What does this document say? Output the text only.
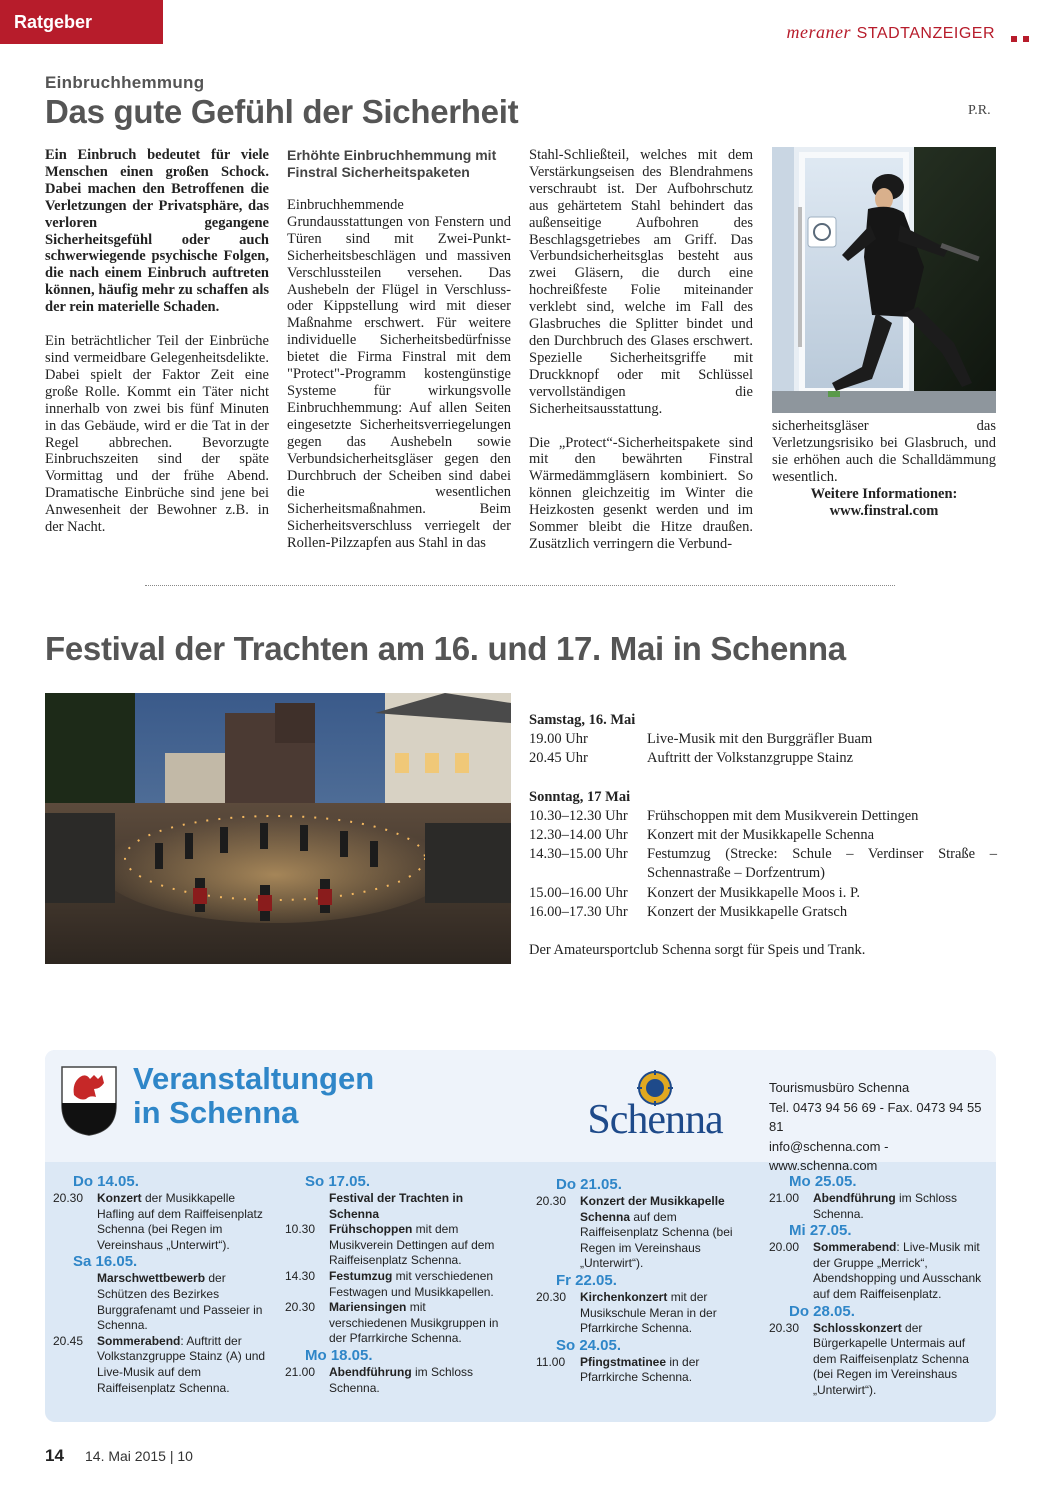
Ratgeber	meraner STADTANZEIGER
Einbruchhemmung
Das gute Gefühl der Sicherheit	P.R.

Ein Einbruch bedeutet für viele Menschen einen großen Schock. Dabei machen den Betroffenen die Verletzungen der Privatsphäre, das verloren gegangene Sicherheitsgefühl oder auch schwerwiegende psychische Folgen, die nach einem Einbruch auftreten können, häufig mehr zu schaffen als der rein materielle Schaden.

Ein beträchtlicher Teil der Einbrüche sind vermeidbare Gelegenheitsdelikte. Dabei spielt der Faktor Zeit eine große Rolle. Kommt ein Täter nicht innerhalb von zwei bis fünf Minuten in das Gebäude, wird er die Tat in der Regel abbrechen. Bevorzugte Einbruchszeiten sind der späte Vormittag und der frühe Abend. Dramatische Einbrüche sind jene bei Anwesenheit der Bewohner z.B. in der Nacht.

Erhöhte Einbruchhemmung mit Finstral Sicherheitspaketen

Einbruchhemmende Grundausstattungen von Fenstern und Türen sind mit Zwei-Punkt-Sicherheitsbeschlägen und massiven Verschlussteilen versehen. Das Aushebeln der Flügel in Verschluss- oder Kippstellung wird mit dieser Maßnahme erschwert. Für weitere individuelle Sicherheitsbedürfnisse bietet die Firma Finstral mit dem "Protect"-Programm kostengünstige Systeme für wirkungsvolle Einbruchhemmung: Auf allen Seiten eingesetzte Sicherheitsverriegelungen gegen das Aushebeln sowie Verbundsicherheitsgläser gegen den Durchbruch der Scheiben sind dabei die wesentlichen Sicherheitsmaßnahmen. Beim Sicherheitsverschluss verriegelt der Rollen-Pilzzapfen aus Stahl in das

Stahl-Schließteil, welches mit dem Verstärkungseisen des Blendrahmens verschraubt ist. Der Aufbohrschutz aus gehärtetem Stahl behindert das außenseitige Aufbohren des Beschlagsgetriebes am Griff. Das Verbundsicherheitsglas besteht aus zwei Gläsern, die durch eine hochreißfeste Folie miteinander verklebt sind, welche im Fall des Glasbruches die Splitter bindet und den Durchbruch des Glases erschwert. Spezielle Sicherheitsgriffe mit Druckknopf oder mit Schlüssel vervollständigen die Sicherheitsausstattung.

Die „Protect“-Sicherheitspakete sind mit den bewährten Finstral Wärmedämmgläsern kombiniert. So können gleichzeitig im Winter die Heizkosten gesenkt werden und im Sommer bleibt die Hitze draußen. Zusätzlich verringern die Verbund-

sicherheitsgläser das Verletzungsrisiko bei Glasbruch, und sie erhöhen auch die Schalldämmung wesentlich.

Weitere Informationen:

www.finstral.com

Festival der Trachten am 16. und 17. Mai in Schenna
Samstag, 16. Mai
19.00 Uhr	Live-Musik mit den Burggräfler Buam
20.45 Uhr	Auftritt der Volkstanzgruppe Stainz
Sonntag, 17 Mai
10.30–12.30 Uhr	Frühschoppen mit dem Musikverein Dettingen
12.30–14.00 Uhr	Konzert mit der Musikkapelle Schenna
14.30–15.00 Uhr	Festumzug (Strecke: Schule – Verdinser Straße – Schennastraße – Dorfzentrum)
15.00–16.00 Uhr	Konzert der Musikkapelle Moos i. P.
16.00–17.30 Uhr	Konzert der Musikkapelle Gratsch
Der Amateursportclub Schenna sorgt für Speis und Trank.
Veranstaltungen
in Schenna	Schenna
Tourismusbüro Schenna
Tel. 0473 94 56 69 - Fax. 0473 94 55 81
info@schenna.com - www.schenna.com
Do 14.05.
20.30	Konzert der Musikkapelle Hafling auf dem Raiffeisenplatz Schenna (bei Regen im Vereinshaus „Unterwirt“).
Sa 16.05.
Marschwettbewerb der Schützen des Bezirkes Burggrafenamt und Passeier in Schenna.
20.45	Sommerabend: Auftritt der Volkstanzgruppe Stainz (A) und Live-Musik auf dem Raiffeisenplatz Schenna.
So 17.05.
Festival der Trachten in Schenna
10.30	Frühschoppen mit dem Musikverein Dettingen auf dem Raiffeisenplatz Schenna.
14.30	Festumzug mit verschiedenen Festwagen und Musikkapellen.
20.30	Mariensingen mit verschiedenen Musikgruppen in der Pfarrkirche Schenna.
Mo 18.05.
21.00	Abendführung im Schloss Schenna.
Do 21.05.
20.30	Konzert der Musikkapelle Schenna auf dem Raiffeisenplatz Schenna (bei Regen im Vereinshaus „Unterwirt“).
Fr 22.05.
20.30	Kirchenkonzert mit der Musikschule Meran in der Pfarrkirche Schenna.
So 24.05.
11.00	Pfingstmatinee in der Pfarrkirche Schenna.
Mo 25.05.
21.00	Abendführung im Schloss Schenna.
Mi 27.05.
20.00	Sommerabend: Live-Musik mit der Gruppe „Merrick“, Abendshopping und Ausschank auf dem Raiffeisenplatz.
Do 28.05.
20.30	Schlosskonzert der Bürgerkapelle Untermais auf dem Raiffeisenplatz Schenna (bei Regen im Vereinshaus „Unterwirt“).
14 14. Mai 2015 | 10
